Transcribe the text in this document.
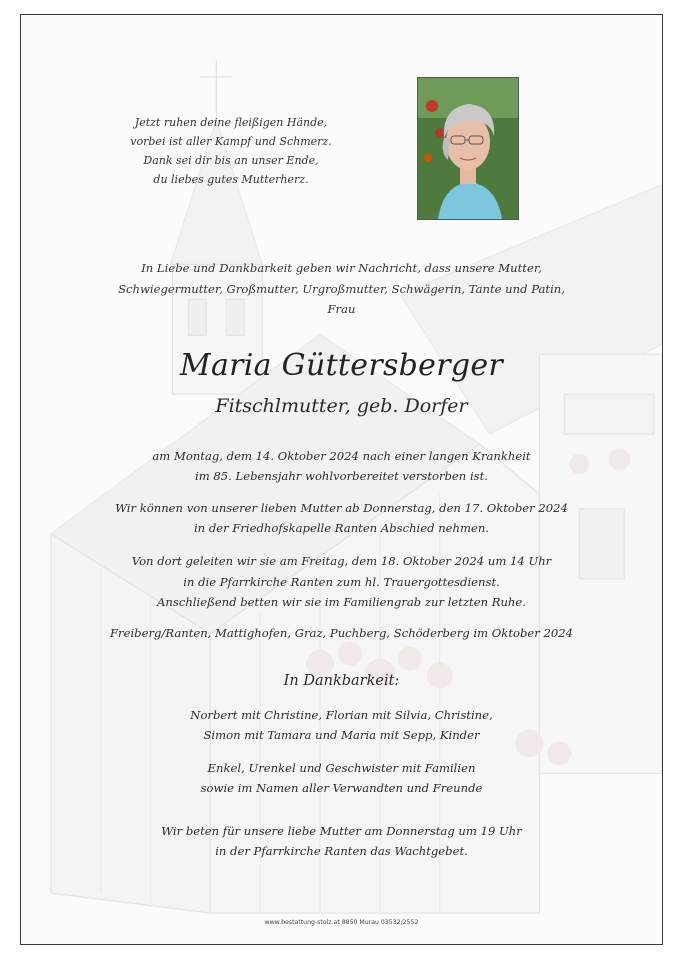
Jetzt ruhen deine fleißigen Hände,
vorbei ist aller Kampf und Schmerz.
Dank sei dir bis an unser Ende,
du liebes gutes Mutterherz.
In Liebe und Dankbarkeit geben wir Nachricht, dass unsere Mutter,
Schwiegermutter, Großmutter, Urgroßmutter, Schwägerin, Tante und Patin,
Frau
Maria Güttersberger
Fitschlmutter, geb. Dorfer
am Montag, dem 14. Oktober 2024 nach einer langen Krankheit
im 85. Lebensjahr wohlvorbereitet verstorben ist.
Wir können von unserer lieben Mutter ab Donnerstag, den 17. Oktober 2024
in der Friedhofskapelle Ranten Abschied nehmen.
Von dort geleiten wir sie am Freitag, dem 18. Oktober 2024 um 14 Uhr
in die Pfarrkirche Ranten zum hl. Trauergottesdienst.
Anschließend betten wir sie im Familiengrab zur letzten Ruhe.
Freiberg/Ranten, Mattighofen, Graz, Puchberg, Schöderberg im Oktober 2024
In Dankbarkeit:
Norbert mit Christine, Florian mit Silvia, Christine,
Simon mit Tamara und Maria mit Sepp, Kinder
Enkel, Urenkel und Geschwister mit Familien
sowie im Namen aller Verwandten und Freunde
Wir beten für unsere liebe Mutter am Donnerstag um 19 Uhr
in der Pfarrkirche Ranten das Wachtgebet.
www.bestattung-stolz.at 8850 Murau 03532/2552
